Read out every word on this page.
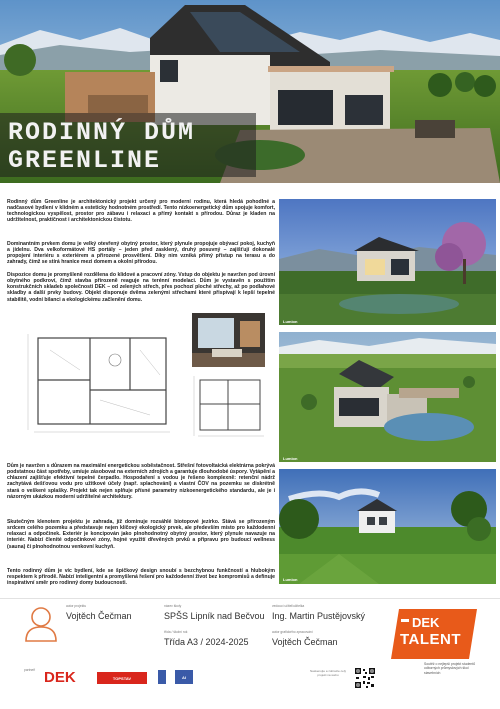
RODINNÝ DŮM
GREENLINE

Rodinný dům Greenline je architektonický projekt určený pro moderní rodinu, která hledá pohodlné a nadčasové bydlení v klidném a esteticky hodnotném prostředí. Tento nízkoenergetický dům spojuje komfort, technologickou vyspělost, prostor pro zábavu i relaxaci a přímý kontakt s přírodou. Důraz je kladen na udržitelnost, praktičnost i architektonickou čistotu.

Dominantním prvkem domu je velký otevřený obytný prostor, který plynule propojuje obývací pokoj, kuchyň a jídelnu. Dva velkoformátové HS portály – jeden před zasklený, druhý posuvný – zajišťují dokonalé propojení interiéru s exteriérem a přirozené prosvětlení. Díky nim vzniká přímý přístup na terasu a do zahrady, čímž se stírá hranice mezi domem a okolní přírodou.

Dispozice domu je promyšleně rozdělena do klidové a pracovní zóny. Vstup do objektu je navržen pod úrovní obytného podkroví, čímž stavba přirozeně reaguje na terénní modelaci. Dům je vystavěn s použitím konstrukčních skladeb společnosti DEK – od zelených střech, přes pochozí ploché střechy, až po podlahové skladby a další prvky budovy. Objekt disponuje dvěma zelenými střechami které přispívají k lepší tepelné stabilitě, vodní bilanci a ekologickému začlenění domu.

Dům je navržen s důrazem na maximální energetickou soběstačnost. Střešní fotovoltaická elektrárna pokrývá podstatnou část spotřeby, umíuje zásobovat na externích zdrojích a garantuje dlouhodobé úspory. Vytápění a chlazení zajišťuje efektivní tepelné čerpadlo. Hospodaření s vodou je řešeno komplexně: retenční nádrž zachytává dešťovou vodu pro užitkové účely (např. splachování) a vlastní ČOV na pozemku se diskrétně stará o veškeré splašky. Projekt tak nejen splňuje přísné parametry nízkoenergetického standardu, ale je i názorným ukázkou moderní udržitelné architektury.

Skutečným klenotem projektu je zahrada, jíž dominuje rozsáhlé biotopové jezírko. Stává se přirozeným srdcem celého pozemku a představuje nejen klíčový ekologický prvek, ale především místo pro každodenní relaxaci a odpočinek. Exteriér je koncipován jako plnohodnotný obytný prostor, který plynule navazuje na interiér. Nabízí členité odpočinkové zóny, hojné využití dřevěných prvků a připravu pro budoucí wellness (sauna) či plnohodnotnou venkovní kuchyň.

Tento rodinný dům je víc bydlení, kde se špičkový design snoubí s bezchybnou funkčností a hlubokým respektem k přírodě. Nabízí inteligentní a promyšlená řešení pro každodenní život bez kompromisů a definuje inspirativní směr pro rodinný domy budoucnosti.

Lumion
Lumion
Lumion
autor projektu
Vojtěch Čečman
název školy
SPŠS Lipník nad Bečvou
třída / školní rok
Třída A3 / 2024-2025
vedoucí učitel/učitelka
Ing. Martin Pustějovský
autor grafického zpracování
Vojtěch Čečman
partneři DEK	TOPSTAV	AI
Naskenujte a zobrazte celý projekt na webu
DEK
TALENT
Soutěž o nejlepší projekt studentů odborných průmyslových škol stavebních
